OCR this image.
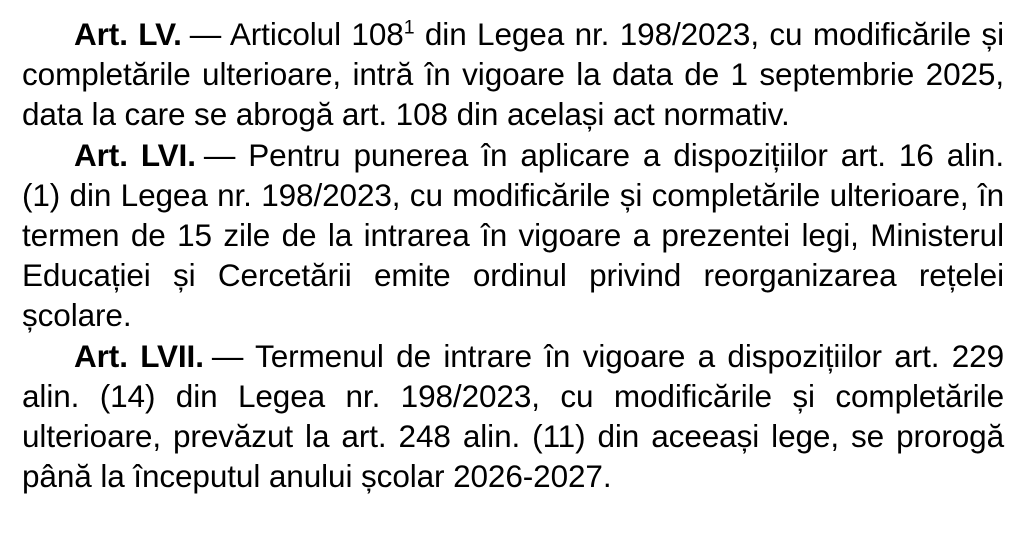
Art. LV. — Articolul $108^1$ din Legea nr. 198/2023, cu modificările și completările ulterioare, intră în vigoare la data de 1 septembrie 2025, data la care se abrogă art. 108 din același act normativ.

Art. LVI. — Pentru punerea în aplicare a dispozițiilor art. 16 alin. (1) din Legea nr. 198/2023, cu modificările și completările ulterioare, în termen de 15 zile de la intrarea în vigoare a prezentei legi, Ministerul Educației și Cercetării emite ordinul privind reorganizarea rețelei școlare.

Art. LVII. — Termenul de intrare în vigoare a dispozițiilor art. 229 alin. (14) din Legea nr. 198/2023, cu modificările și completările ulterioare, prevăzut la art. 248 alin. (11) din aceeași lege, se prorogă până la începutul anului școlar 2026-2027.
